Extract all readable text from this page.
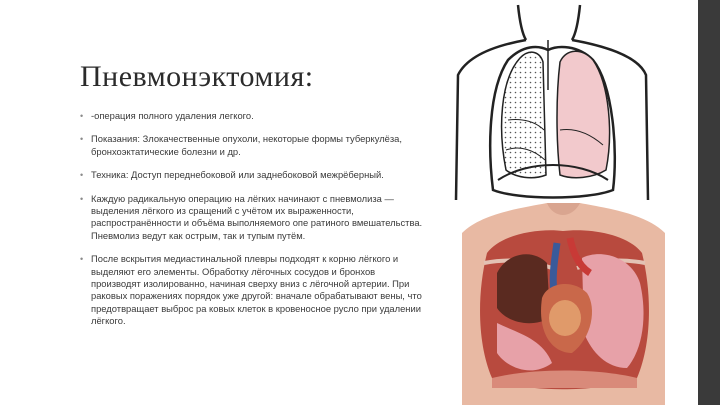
Пневмонэктомия:
• -операция полного удаления легкого.
• Показания: Злокачественные опухоли, некоторые формы туберкулёза, бронхоэктатические болезни и др.
• Техника: Доступ переднебоковой или заднебоковой межрёберный.
• Каждую радикальную операцию на лёгких начинают с пневмолиза — выделения лёгкого из сращений с учётом их выраженности, распространённости и объёма выполняемого опе ратиного вмешательства. Пневмолиз ведут как острым, так и тупым путём.
• После вскрытия медиастинальной плевры подходят к корню лёгкого и выделяют его элементы. Обработку лёгочных сосудов и бронхов производят изолированно, начиная сверху вниз с лёгочной артерии. При раковых поражениях порядок уже другой: вначале обрабатывают вены, что предотвращает выброс ра ковых клеток в кровеносное русло при удалении лёгкого.
